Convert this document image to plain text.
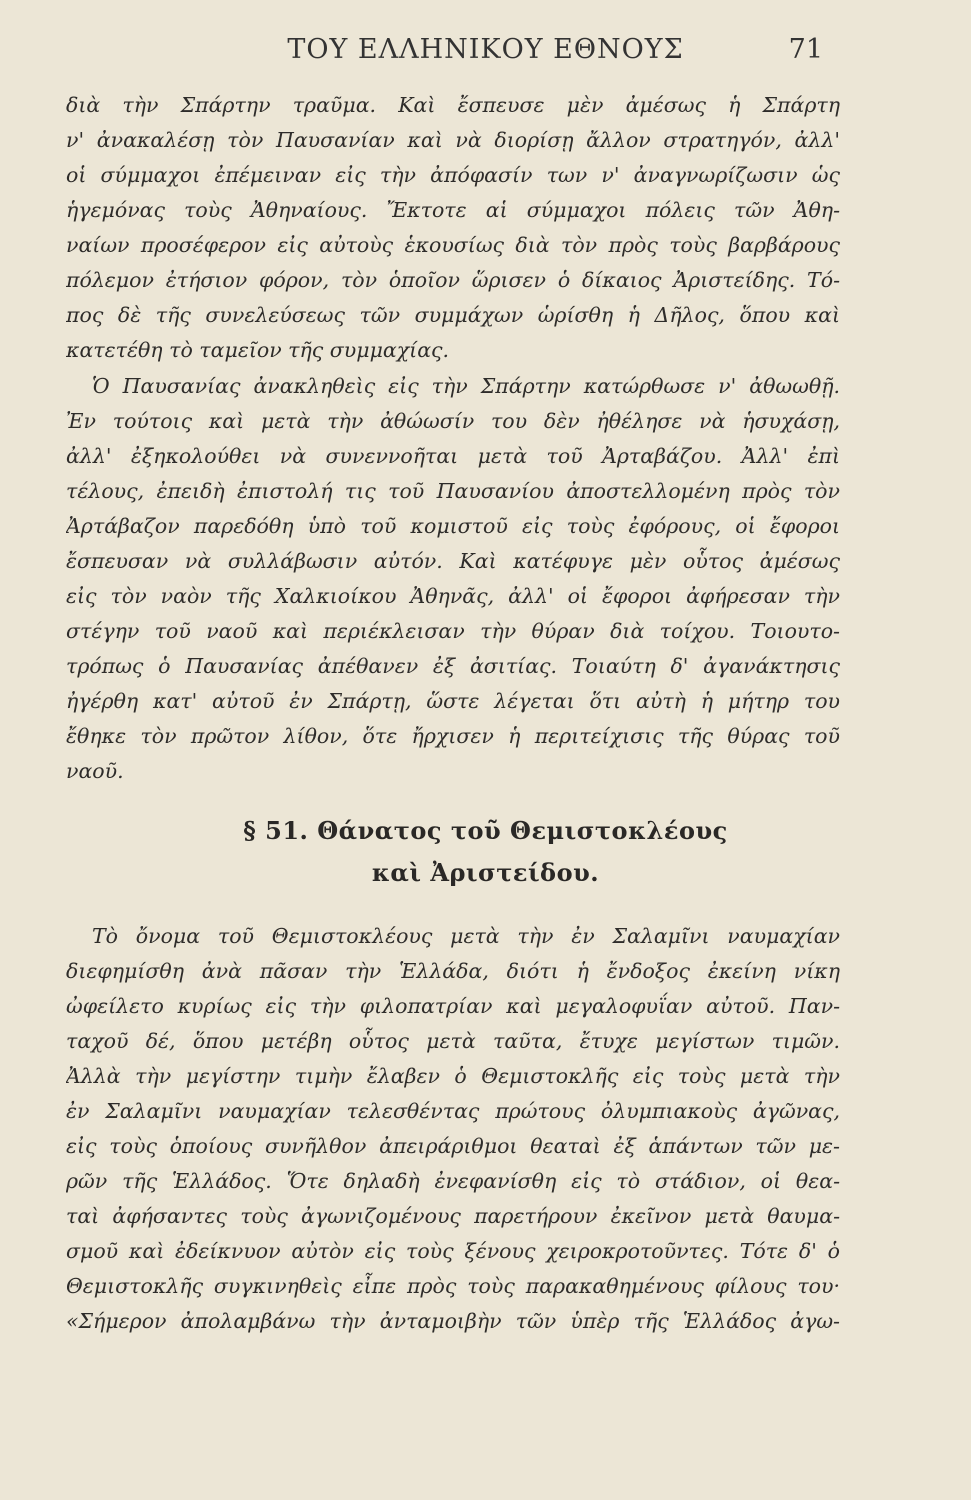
ΤΟΥ ΕΛΛΗΝΙΚΟΥ ΕΘΝΟΥΣ	71
διὰ τὴν Σπάρτην τραῦμα. Καὶ ἔσπευσε μὲν ἀμέσως ἡ Σπάρτη
ν' ἀνακαλέσῃ τὸν Παυσανίαν καὶ νὰ διορίσῃ ἄλλον στρατηγόν, ἀλλ'
οἱ σύμμαχοι ἐπέμειναν εἰς τὴν ἀπόφασίν των ν' ἀναγνωρίζωσιν ὡς
ἡγεμόνας τοὺς Ἀθηναίους. Ἔκτοτε αἱ σύμμαχοι πόλεις τῶν Ἀθη-
ναίων προσέφερον εἰς αὐτοὺς ἑκουσίως διὰ τὸν πρὸς τοὺς βαρβάρους
πόλεμον ἐτήσιον φόρον, τὸν ὁποῖον ὥρισεν ὁ δίκαιος Ἀριστείδης. Τό-
πος δὲ τῆς συνελεύσεως τῶν συμμάχων ὡρίσθη ἡ Δῆλος, ὅπου καὶ
κατετέθη τὸ ταμεῖον τῆς συμμαχίας.
Ὁ Παυσανίας ἀνακληθεὶς εἰς τὴν Σπάρτην κατώρθωσε ν' ἀθωωθῇ.
Ἐν τούτοις καὶ μετὰ τὴν ἀθώωσίν του δὲν ἠθέλησε νὰ ἡσυχάσῃ,
ἀλλ' ἐξηκολούθει νὰ συνεννοῆται μετὰ τοῦ Ἀρταβάζου. Ἀλλ' ἐπὶ
τέλους, ἐπειδὴ ἐπιστολή τις τοῦ Παυσανίου ἀποστελλομένη πρὸς τὸν
Ἀρτάβαζον παρεδόθη ὑπὸ τοῦ κομιστοῦ εἰς τοὺς ἐφόρους, οἱ ἔφοροι
ἔσπευσαν νὰ συλλάβωσιν αὐτόν. Καὶ κατέφυγε μὲν οὗτος ἀμέσως
εἰς τὸν ναὸν τῆς Χαλκιοίκου Ἀθηνᾶς, ἀλλ' οἱ ἔφοροι ἀφήρεσαν τὴν
στέγην τοῦ ναοῦ καὶ περιέκλεισαν τὴν θύραν διὰ τοίχου. Τοιουτο-
τρόπως ὁ Παυσανίας ἀπέθανεν ἐξ ἀσιτίας. Τοιαύτη δ' ἀγανάκτησις
ἠγέρθη κατ' αὐτοῦ ἐν Σπάρτῃ, ὥστε λέγεται ὅτι αὐτὴ ἡ μήτηρ του
ἔθηκε τὸν πρῶτον λίθον, ὅτε ἤρχισεν ἡ περιτείχισις τῆς θύρας τοῦ
ναοῦ.
§ 51. Θάνατος τοῦ Θεμιστοκλέους
καὶ Ἀριστείδου.
Τὸ ὄνομα τοῦ Θεμιστοκλέους μετὰ τὴν ἐν Σαλαμῖνι ναυμαχίαν
διεφημίσθη ἀνὰ πᾶσαν τὴν Ἑλλάδα, διότι ἡ ἔνδοξος ἐκείνη νίκη
ὠφείλετο κυρίως εἰς τὴν φιλοπατρίαν καὶ μεγαλοφυΐαν αὐτοῦ. Παν-
ταχοῦ δέ, ὅπου μετέβη οὗτος μετὰ ταῦτα, ἔτυχε μεγίστων τιμῶν.
Ἀλλὰ τὴν μεγίστην τιμὴν ἔλαβεν ὁ Θεμιστοκλῆς εἰς τοὺς μετὰ τὴν
ἐν Σαλαμῖνι ναυμαχίαν τελεσθέντας πρώτους ὀλυμπιακοὺς ἀγῶνας,
εἰς τοὺς ὁποίους συνῆλθον ἀπειράριθμοι θεαταὶ ἐξ ἁπάντων τῶν με-
ρῶν τῆς Ἑλλάδος. Ὅτε δηλαδὴ ἐνεφανίσθη εἰς τὸ στάδιον, οἱ θεα-
ταὶ ἀφήσαντες τοὺς ἀγωνιζομένους παρετήρουν ἐκεῖνον μετὰ θαυμα-
σμοῦ καὶ ἐδείκνυον αὐτὸν εἰς τοὺς ξένους χειροκροτοῦντες. Τότε δ' ὁ
Θεμιστοκλῆς συγκινηθεὶς εἶπε πρὸς τοὺς παρακαθημένους φίλους του·
«Σήμερον ἀπολαμβάνω τὴν ἀνταμοιβὴν τῶν ὑπὲρ τῆς Ἑλλάδος ἀγω-
